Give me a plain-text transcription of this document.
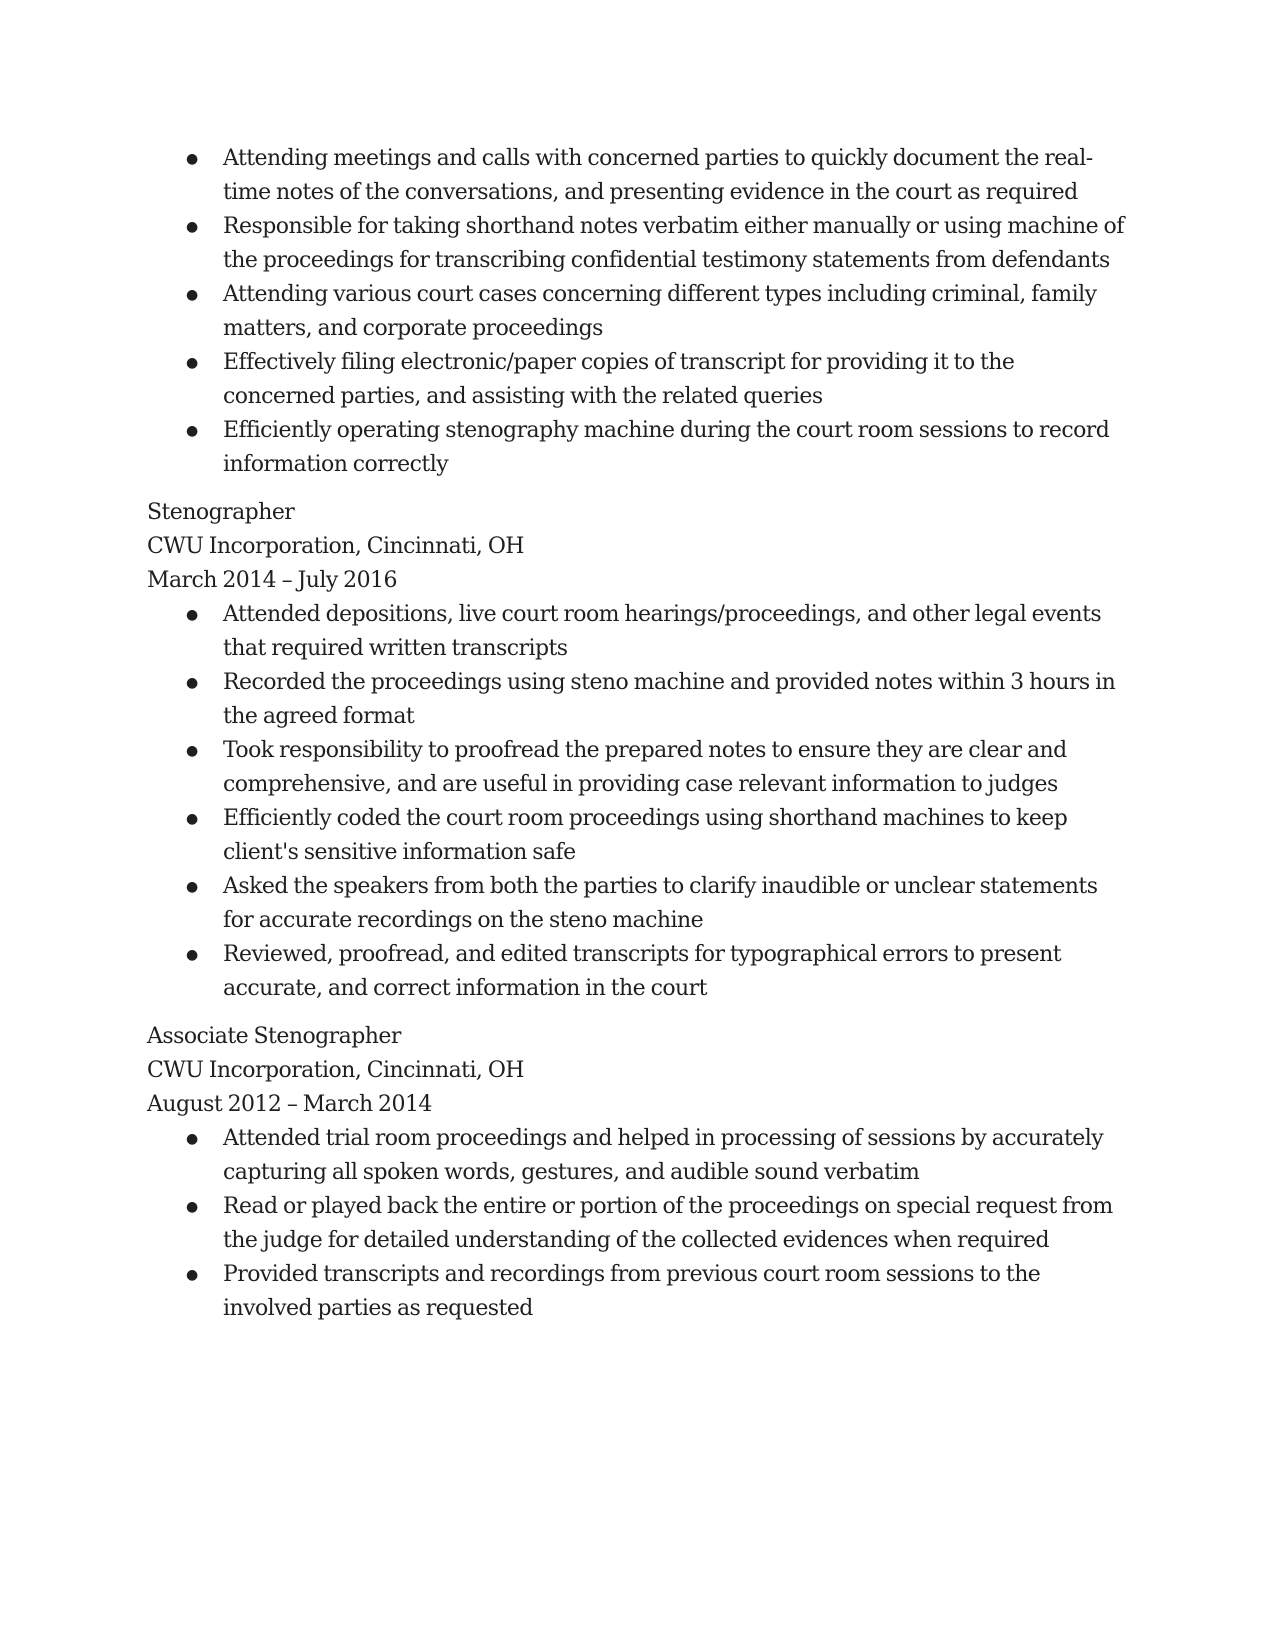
● Attending meetings and calls with concerned parties to quickly document the real-time notes of the conversations, and presenting evidence in the court as required
● Responsible for taking shorthand notes verbatim either manually or using machine of the proceedings for transcribing confidential testimony statements from defendants
● Attending various court cases concerning different types including criminal, family matters, and corporate proceedings
● Effectively filing electronic/paper copies of transcript for providing it to the concerned parties, and assisting with the related queries
● Efficiently operating stenography machine during the court room sessions to record information correctly
Stenographer
CWU Incorporation, Cincinnati, OH
March 2014 – July 2016
● Attended depositions, live court room hearings/proceedings, and other legal events that required written transcripts
● Recorded the proceedings using steno machine and provided notes within 3 hours in the agreed format
● Took responsibility to proofread the prepared notes to ensure they are clear and comprehensive, and are useful in providing case relevant information to judges
● Efficiently coded the court room proceedings using shorthand machines to keep client's sensitive information safe
● Asked the speakers from both the parties to clarify inaudible or unclear statements for accurate recordings on the steno machine
● Reviewed, proofread, and edited transcripts for typographical errors to present accurate, and correct information in the court
Associate Stenographer
CWU Incorporation, Cincinnati, OH
August 2012 – March 2014
● Attended trial room proceedings and helped in processing of sessions by accurately capturing all spoken words, gestures, and audible sound verbatim
● Read or played back the entire or portion of the proceedings on special request from the judge for detailed understanding of the collected evidences when required
● Provided transcripts and recordings from previous court room sessions to the involved parties as requested
